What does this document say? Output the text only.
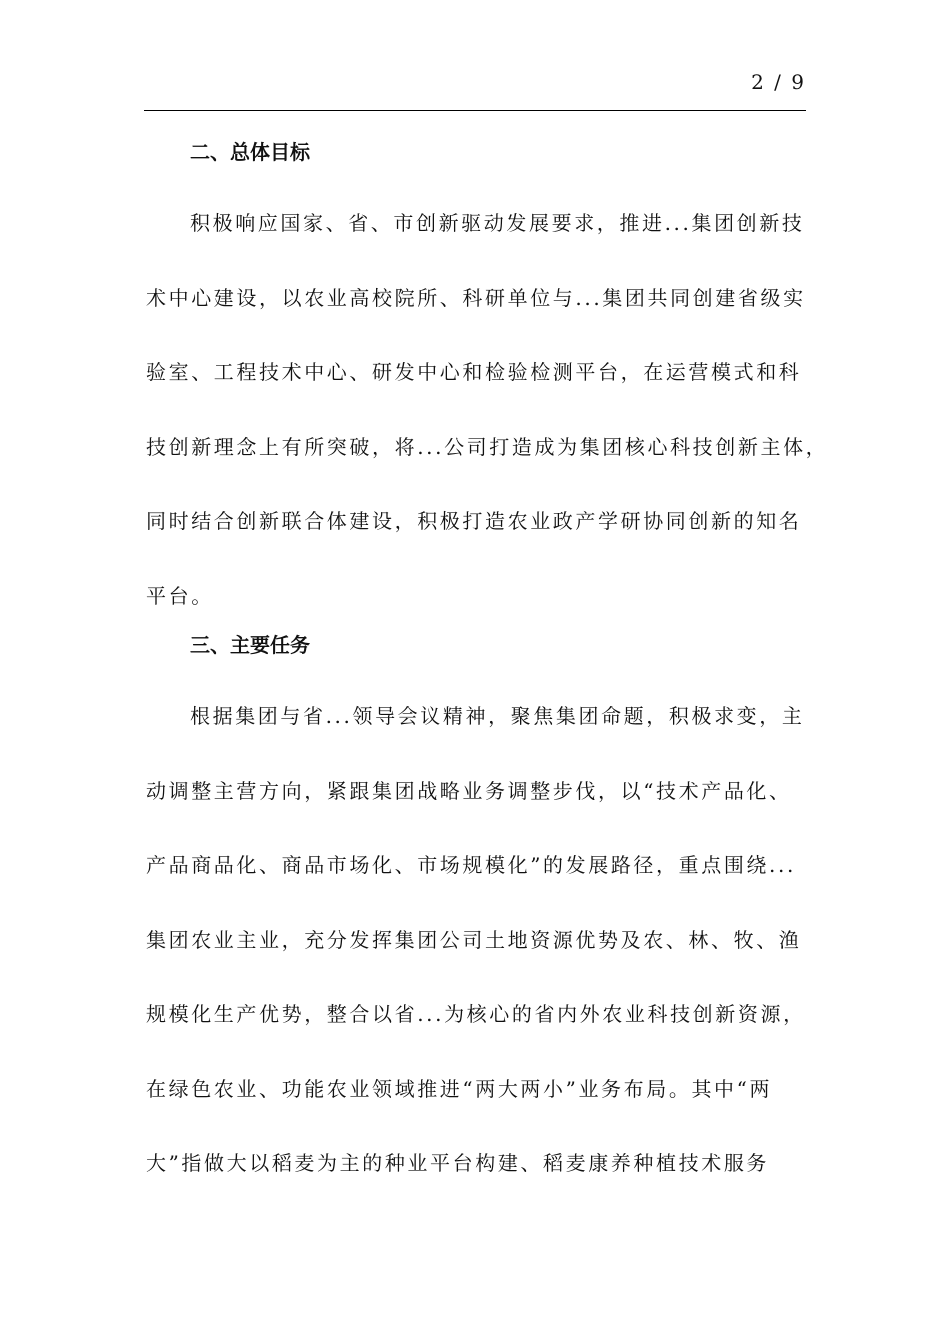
2 / 9
二、总体目标
积极响应国家、省、市创新驱动发展要求，推进...集团创新技
术中心建设，以农业高校院所、科研单位与...集团共同创建省级实
验室、工程技术中心、研发中心和检验检测平台，在运营模式和科
技创新理念上有所突破，将...公司打造成为集团核心科技创新主体，
同时结合创新联合体建设，积极打造农业政产学研协同创新的知名
平台。
三、主要任务
根据集团与省...领导会议精神，聚焦集团命题，积极求变，主
动调整主营方向，紧跟集团战略业务调整步伐，以“技术产品化、
产品商品化、商品市场化、市场规模化”的发展路径，重点围绕...
集团农业主业，充分发挥集团公司土地资源优势及农、林、牧、渔
规模化生产优势，整合以省...为核心的省内外农业科技创新资源，
在绿色农业、功能农业领域推进“两大两小”业务布局。其中“两
大”指做大以稻麦为主的种业平台构建、稻麦康养种植技术服务
